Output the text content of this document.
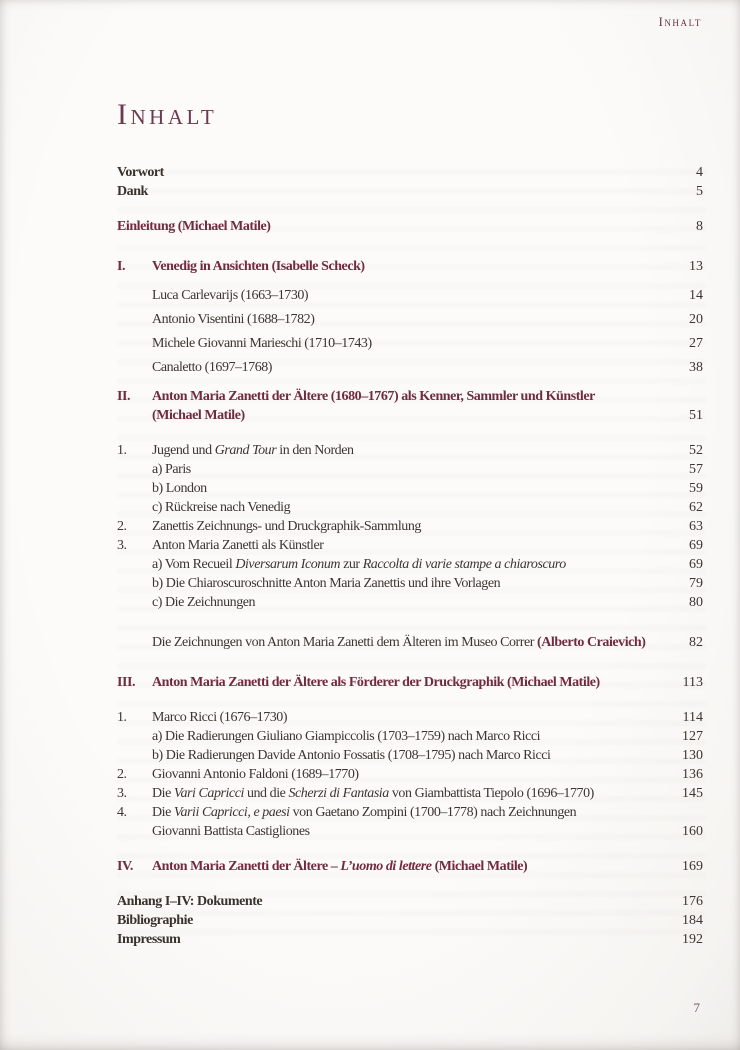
Inhalt
Inhalt
Vorwort	4
Dank	5
Einleitung (Michael Matile)	8
I.	Venedig in Ansichten (Isabelle Scheck)	13
Luca Carlevarijs (1663–1730)	14
Antonio Visentini (1688–1782)	20
Michele Giovanni Marieschi (1710–1743)	27
Canaletto (1697–1768)	38
II.	Anton Maria Zanetti der Ältere (1680–1767) als Kenner, Sammler und Künstler
(Michael Matile)	51
1.	Jugend und Grand Tour in den Norden	52
a) Paris	57
b) London	59
c) Rückreise nach Venedig	62
2.	Zanettis Zeichnungs- und Druckgraphik-Sammlung	63
3.	Anton Maria Zanetti als Künstler	69
a) Vom Recueil Diversarum Iconum zur Raccolta di varie stampe a chiaroscuro	69
b) Die Chiaroscuroschnitte Anton Maria Zanettis und ihre Vorlagen	79
c) Die Zeichnungen	80
Die Zeichnungen von Anton Maria Zanetti dem Älteren im Museo Correr (Alberto Craievich)	82
III.	Anton Maria Zanetti der Ältere als Förderer der Druckgraphik (Michael Matile)	113
1.	Marco Ricci (1676–1730)	114
a) Die Radierungen Giuliano Giampiccolis (1703–1759) nach Marco Ricci	127
b) Die Radierungen Davide Antonio Fossatis (1708–1795) nach Marco Ricci	130
2.	Giovanni Antonio Faldoni (1689–1770)	136
3.	Die Vari Capricci und die Scherzi di Fantasia von Giambattista Tiepolo (1696–1770)	145
4.	Die Varii Capricci, e paesi von Gaetano Zompini (1700–1778) nach Zeichnungen
Giovanni Battista Castigliones	160
IV.	Anton Maria Zanetti der Ältere – L’uomo di lettere (Michael Matile)	169
Anhang I–IV: Dokumente	176
Bibliographie	184
Impressum	192
7
